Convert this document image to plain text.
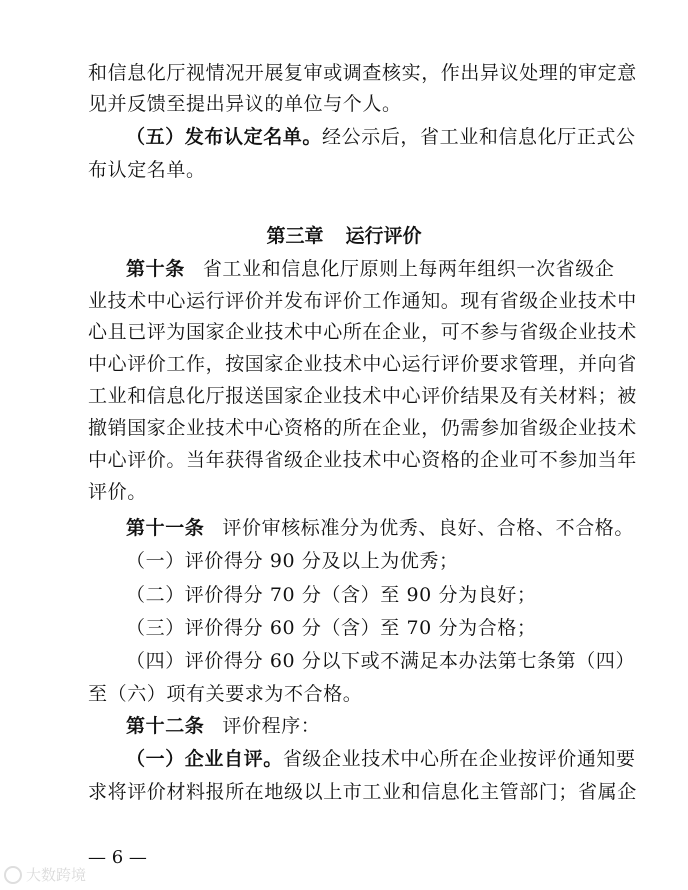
和信息化厅视情况开展复审或调查核实，作出异议处理的审定意
见并反馈至提出异议的单位与个人。
（五）发布认定名单。经公示后，省工业和信息化厅正式公
布认定名单。
第三章 运行评价
第十条 省工业和信息化厅原则上每两年组织一次省级企
业技术中心运行评价并发布评价工作通知。现有省级企业技术中
心且已评为国家企业技术中心所在企业，可不参与省级企业技术
中心评价工作，按国家企业技术中心运行评价要求管理，并向省
工业和信息化厅报送国家企业技术中心评价结果及有关材料；被
撤销国家企业技术中心资格的所在企业，仍需参加省级企业技术
中心评价。当年获得省级企业技术中心资格的企业可不参加当年
评价。
第十一条 评价审核标准分为优秀、良好、合格、不合格。
（一）评价得分 90 分及以上为优秀；
（二）评价得分 70 分（含）至 90 分为良好；
（三）评价得分 60 分（含）至 70 分为合格；
（四）评价得分 60 分以下或不满足本办法第七条第（四）
至（六）项有关要求为不合格。
第十二条 评价程序：
（一）企业自评。省级企业技术中心所在企业按评价通知要
求将评价材料报所在地级以上市工业和信息化主管部门；省属企
— 6 —
大数跨境
